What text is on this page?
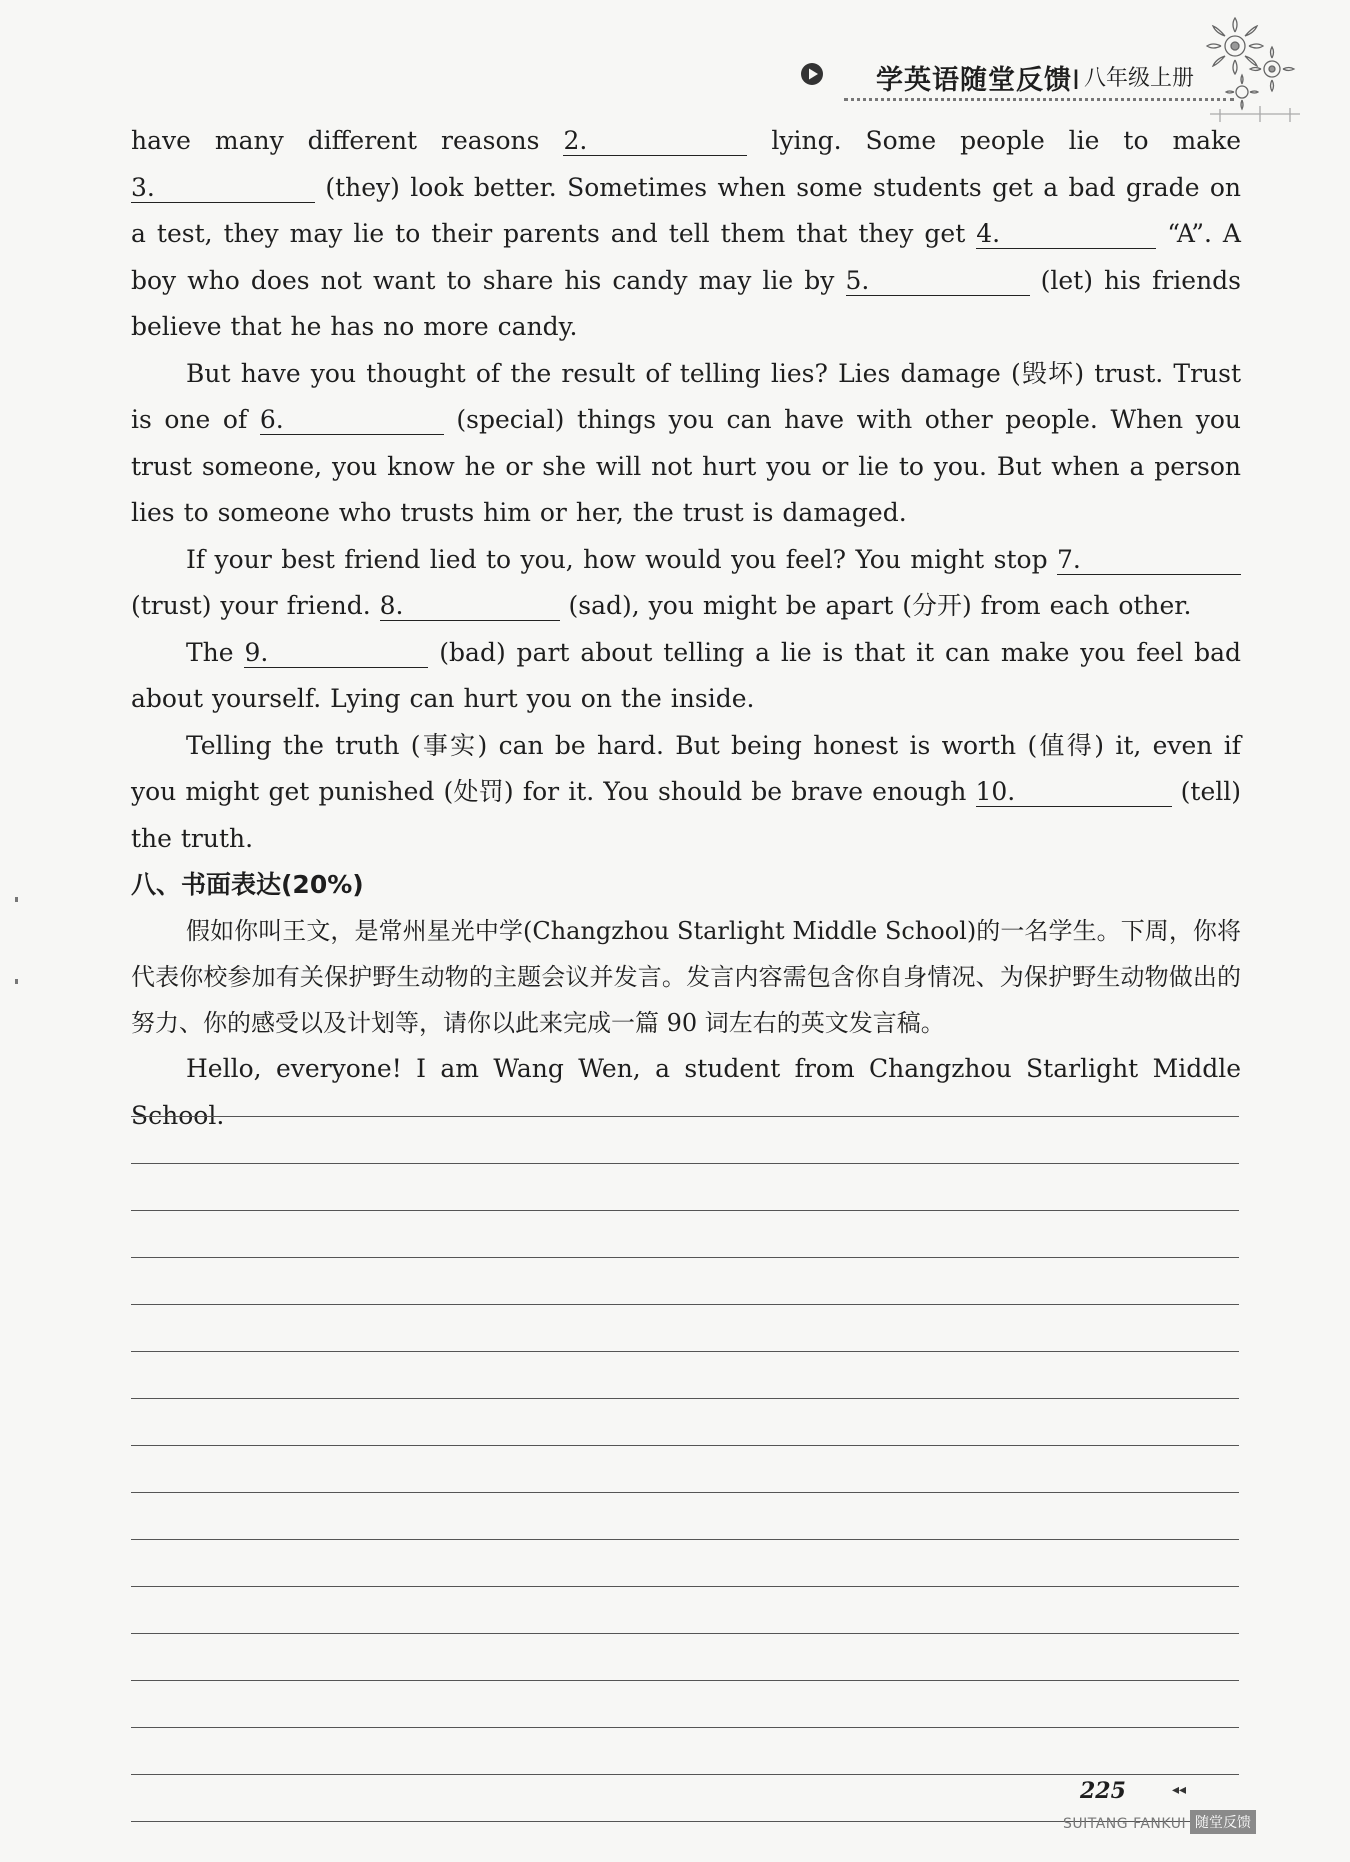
学英语随堂反馈Ⅰ 八年级上册

have many different reasons 2.	lying. Some people lie to make 3.	(they) look better. Sometimes when some students get a bad grade on a test, they may lie to their parents and tell them that they get 4.	“A”. A boy who does not want to share his candy may lie by 5.	(let) his friends believe that he has no more candy.

But have you thought of the result of telling lies? Lies damage (毁坏) trust. Trust is one of 6.	(special) things you can have with other people. When you trust someone, you know he or she will not hurt you or lie to you. But when a person lies to someone who trusts him or her, the trust is damaged.

If your best friend lied to you, how would you feel? You might stop 7. (trust) your friend. 8.	(sad), you might be apart (分开) from each other.

The 9.	(bad) part about telling a lie is that it can make you feel bad about yourself. Lying can hurt you on the inside.

Telling the truth (事实) can be hard. But being honest is worth (值得) it, even if you might get punished (处罚) for it. You should be brave enough 10.	(tell) the truth.

八、书面表达(20%)

假如你叫王文，是常州星光中学(Changzhou Starlight Middle School)的一名学生。下周，你将代表你校参加有关保护野生动物的主题会议并发言。发言内容需包含你自身情况、为保护野生动物做出的努力、你的感受以及计划等，请你以此来完成一篇 90 词左右的英文发言稿。

Hello, everyone! I am Wang Wen, a student from Changzhou Starlight Middle School.

225	◂◂
SUITANG FANKUI 随堂反馈
